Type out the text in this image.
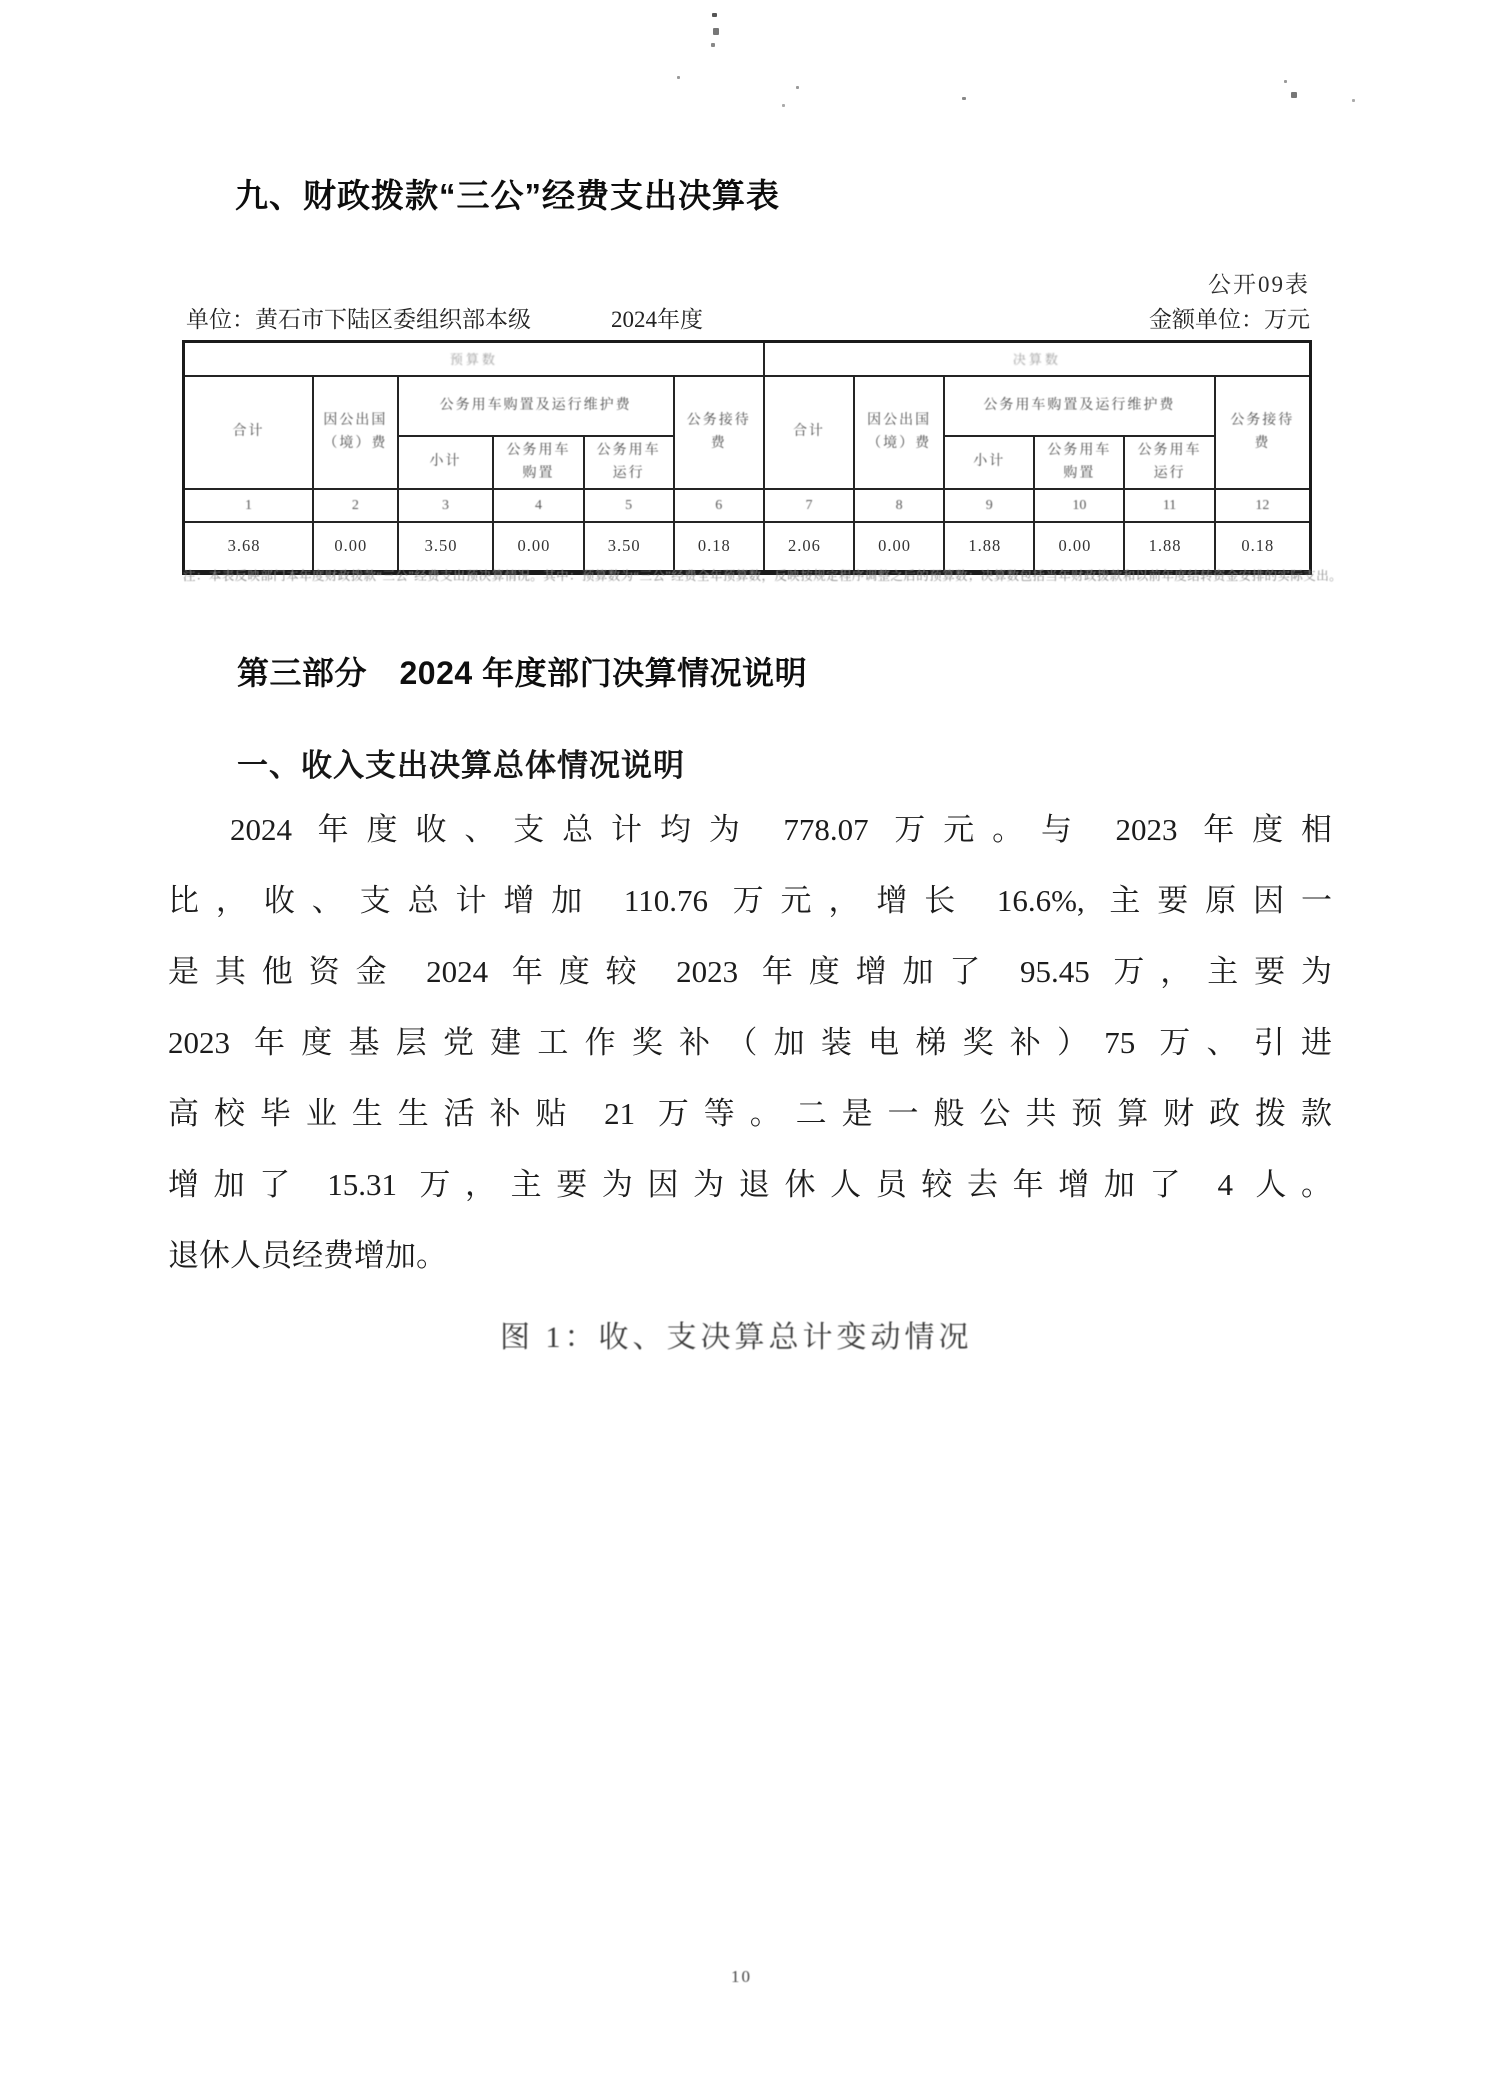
九、财政拨款“三公”经费支出决算表
公开09表
单位：黄石市下陆区委组织部本级	2024年度	金额单位：万元
预算数						决算数					
合计	因公出国（境）费	公务用车购置及运行维护费			公务接待费	合计	因公出国（境）费	公务用车购置及运行维护费			公务接待费
		小计	公务用车购置	公务用车运行				小计	公务用车购置	公务用车运行	
1	2	3	4	5	6	7	8	9	10	11	12
3.68	0.00	3.50	0.00	3.50	0.18	2.06	0.00	1.88	0.00	1.88	0.18
注：本表反映部门本年度财政拨款“三公”经费支出预决算情况。其中：预算数为“三公”经费全年预算数，反映按规定程序调整之后的预算数；决算数包括当年财政拨款和以前年度结转资金安排的实际支出。
第三部分　2024 年度部门决算情况说明
一、收入支出决算总体情况说明
2024 年度收、支总计均为 778.07 万元。与 2023 年度相
比，收、支总计增加 110.76 万元，增长 16.6%, 主要原因一
是其他资金 2024 年度较 2023 年度增加了 95.45 万，主要为
2023 年度基层党建工作奖补（加装电梯奖补）75 万、引进
高校毕业生生活补贴 21 万等。二是一般公共预算财政拨款
增加了 15.31 万，主要为因为退休人员较去年增加了 4 人。
退休人员经费增加。
图 1：收、支决算总计变动情况
10
